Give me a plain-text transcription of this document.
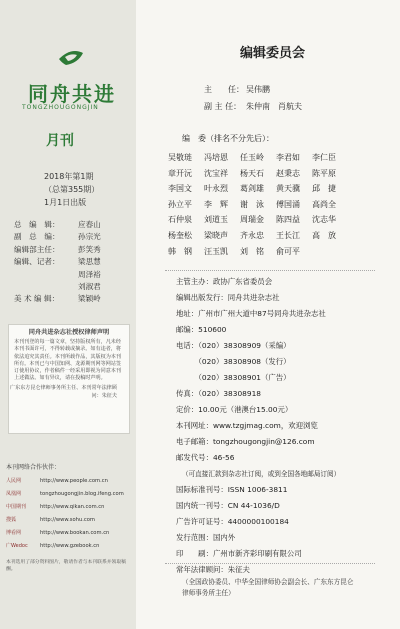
同舟共进
TONGZHOUGONGJIN
月刊
2018年第1期
（总第355期）
1月1日出版
总　编　辑：	应春山
副　总　编：	孙宗光
编辑部主任：	彭笑秀
编辑、记者：	梁思慧
周泽裕
刘淑君
美 术 编 辑：	梁颖岭
同舟共进杂志社授权律师声明
本刊刊登的每一篇文章，坚持版权所有，凡未经本刊书面许可，不得转载或摘录。如有违者，将依法追究其责任。本刊所载作品，其版权为本刊所有。本刊已与中国知网、龙源期刊网等网站签订使用协议，作者稿件一经采用即视为同意本刊上述做法。如有异议，请在投稿时声明。
广东东方昆仑律师事务所主任、本刊常年法律顾问：朱征夫
本刊网络合作伙伴：
人民网	http://www.people.com.cn
凤凰网	tongzhougongjin.blog.ifeng.com
中国期刊	http://www.qikan.com.cn
搜狐	http://www.sohu.com
博看网	http://www.bookan.com.cn
广Wedoc	http://www.gzebook.cn
本刊选用了部分资料图片，敬请作者与本刊联系并领取稿酬。
编辑委员会
主　　任： 吴伟鹏
副 主 任： 朱仲南　肖航夫
编　委（排名不分先后）：
吴敬琏	冯培恩	任玉岭	李君如	李仁臣
章开沅	沈宝祥	杨天石	赵秉志	陈平原
李国文	叶永烈	葛剑雄	黄天骥	邱　捷
孙立平	李　辉	谢　泳	傅国涌	高尚全
石仲泉	刘道玉	周瑞金	陈四益	沈志华
杨奎松	梁晓声	齐永忠	王长江	高　放
韩　钢	汪玉凯	刘　铭	俞可平
主管主办：政协广东省委员会
编辑出版发行：同舟共进杂志社
地址：广州市广州大道中87号同舟共进杂志社
邮编：510600
电话：（020）38308909（采编）
　　　（020）38308908（发行）
　　　（020）38308901（广告）
传真：（020）38308918
定价：10.00元（港澳台15.00元）
本刊网址：www.tzgjmag.com，欢迎浏览
电子邮箱：tongzhougongjin@126.com
邮发代号：46-56
（可直接汇款到杂志社订阅，或到全国各地邮局订阅）
国际标准刊号：ISSN 1006-3811
国内统一刊号：CN 44-1036/D
广告许可证号：4400000100184
发行范围：国内外
印　　刷：广州市新齐彩印刷有限公司
常年法律顾问：朱征夫
（全国政协委员、中华全国律师协会副会长、广东东方昆仑
律师事务所主任）
